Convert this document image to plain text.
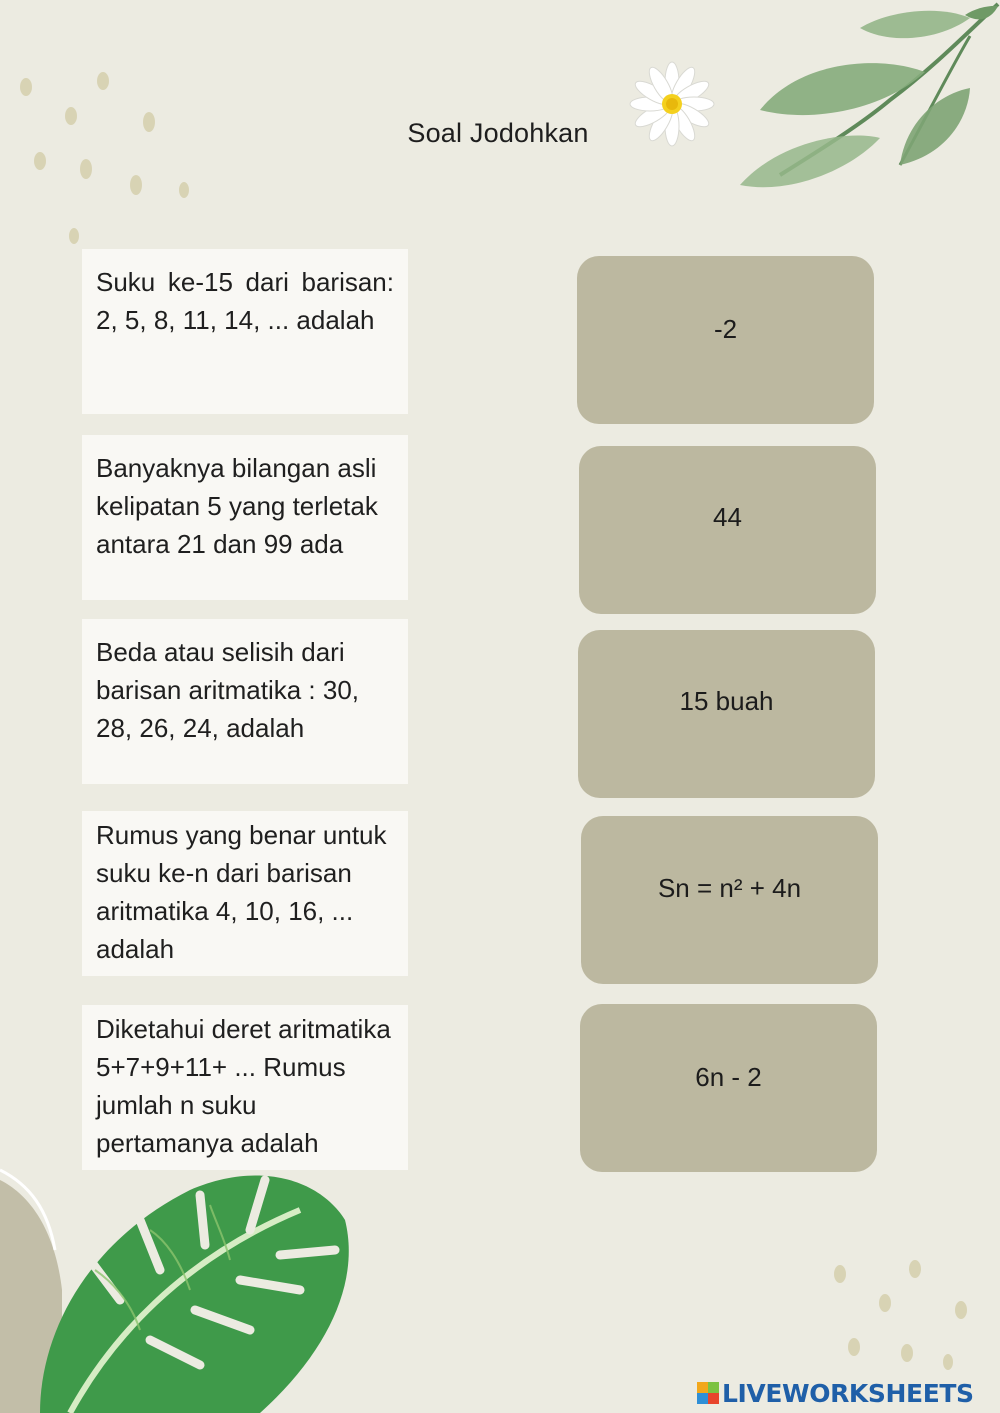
Soal Jodohkan
Suku ke-15 dari barisan: 2, 5, 8, 11, 14, ... adalah
Banyaknya bilangan asli kelipatan 5 yang terletak antara 21 dan 99 ada
Beda atau selisih dari barisan aritmatika : 30, 28, 26, 24, adalah
Rumus yang benar untuk suku ke-n dari barisan aritmatika 4, 10, 16, ... adalah
Diketahui deret aritmatika 5+7+9+11+ ... Rumus jumlah n suku pertamanya adalah
-2
44
15 buah
Sn = n² + 4n
6n - 2
LIVEWORKSHEETS
